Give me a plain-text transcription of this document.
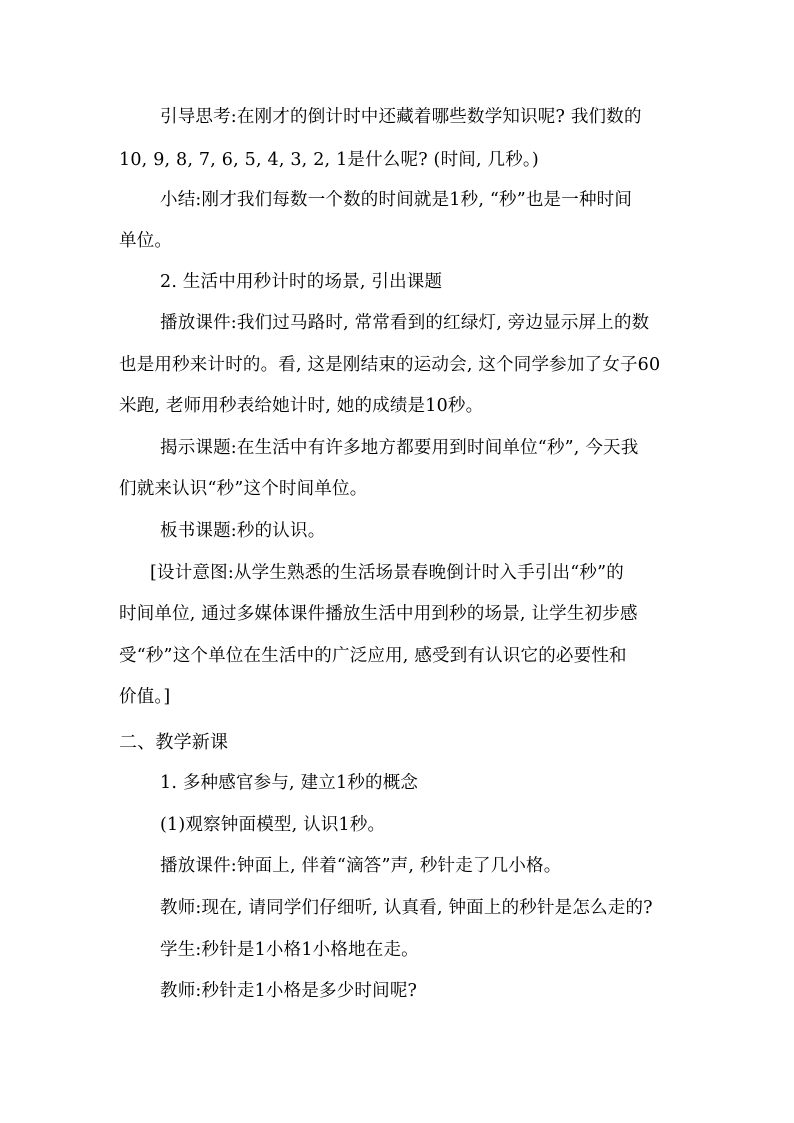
引导思考:在刚才的倒计时中还藏着哪些数学知识呢? 我们数的
10, 9, 8, 7, 6, 5, 4, 3, 2, 1是什么呢? (时间, 几秒。)
小结:刚才我们每数一个数的时间就是1秒, “秒”也是一种时间
单位。
2. 生活中用秒计时的场景, 引出课题
播放课件:我们过马路时, 常常看到的红绿灯, 旁边显示屏上的数
也是用秒来计时的。看, 这是刚结束的运动会, 这个同学参加了女子60
米跑, 老师用秒表给她计时, 她的成绩是10秒。
揭示课题:在生活中有许多地方都要用到时间单位“秒”, 今天我
们就来认识“秒”这个时间单位。
板书课题:秒的认识。
[设计意图:从学生熟悉的生活场景春晚倒计时入手引出“秒”的
时间单位, 通过多媒体课件播放生活中用到秒的场景, 让学生初步感
受“秒”这个单位在生活中的广泛应用, 感受到有认识它的必要性和
价值。]
二、教学新课
1. 多种感官参与, 建立1秒的概念
(1)观察钟面模型, 认识1秒。
播放课件:钟面上, 伴着“滴答”声, 秒针走了几小格。
教师:现在, 请同学们仔细听, 认真看, 钟面上的秒针是怎么走的?
学生:秒针是1小格1小格地在走。
教师:秒针走1小格是多少时间呢?
